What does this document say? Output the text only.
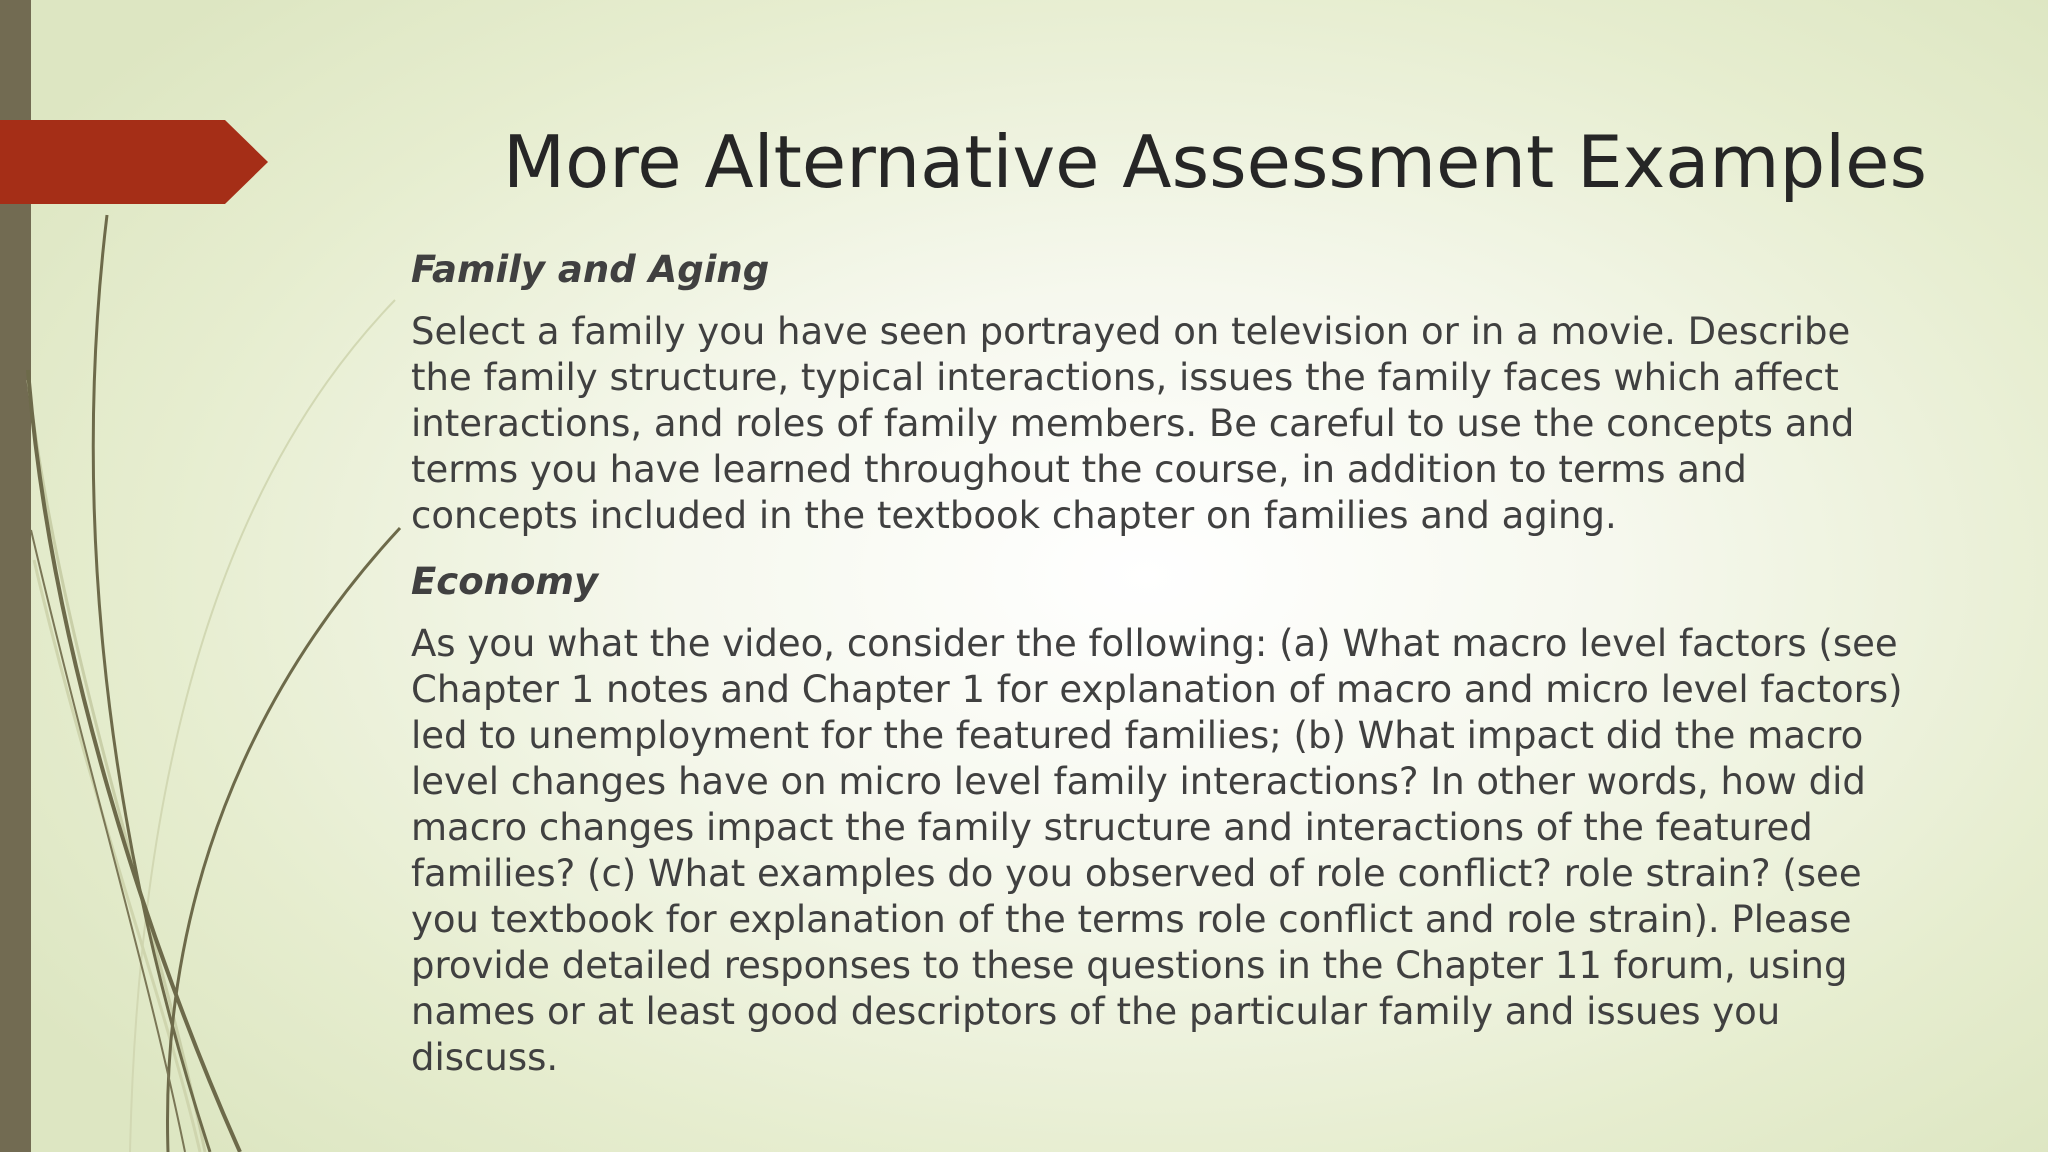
More Alternative Assessment Examples
Family and Aging
Select a family you have seen portrayed on television or in a movie. Describe the family structure, typical interactions, issues the family faces which affect interactions, and roles of family members. Be careful to use the concepts and terms you have learned throughout the course, in addition to terms and concepts included in the textbook chapter on families and aging.
Economy
As you what the video, consider the following: (a) What macro level factors (see Chapter 1 notes and Chapter 1 for explanation of macro and micro level factors) led to unemployment for the featured families; (b) What impact did the macro level changes have on micro level family interactions? In other words, how did macro changes impact the family structure and interactions of the featured families? (c) What examples do you observed of role conflict? role strain? (see you textbook for explanation of the terms role conflict and role strain). Please provide detailed responses to these questions in the Chapter 11 forum, using names or at least good descriptors of the particular family and issues you discuss.
